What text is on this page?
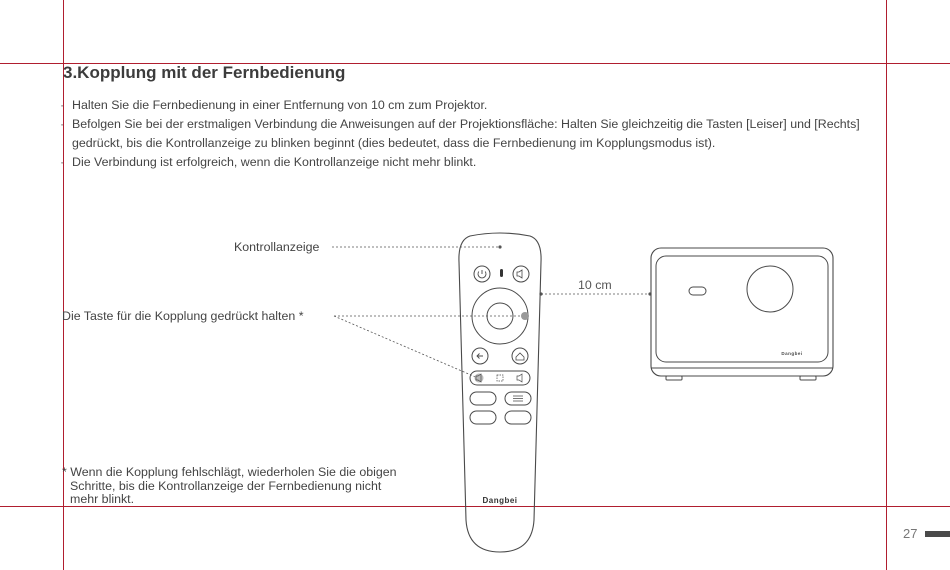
3.Kopplung mit der Fernbedienung
· Halten Sie die Fernbedienung in einer Entfernung von 10 cm zum Projektor.
· Befolgen Sie bei der erstmaligen Verbindung die Anweisungen auf der Projektionsfläche: Halten Sie gleichzeitig die Tasten [Leiser] und [Rechts] gedrückt, bis die Kontrollanzeige zu blinken beginnt (dies bedeutet, dass die Fernbedienung im Kopplungsmodus ist).
· Die Verbindung ist erfolgreich, wenn die Kontrollanzeige nicht mehr blinkt.
Dangbei
Dangbei
Kontrollanzeige
Die Taste für die Kopplung gedrückt halten *
10 cm
* Wenn die Kopplung fehlschlägt, wiederholen Sie die obigen
Schritte, bis die Kontrollanzeige der Fernbedienung nicht
mehr blinkt.
27
